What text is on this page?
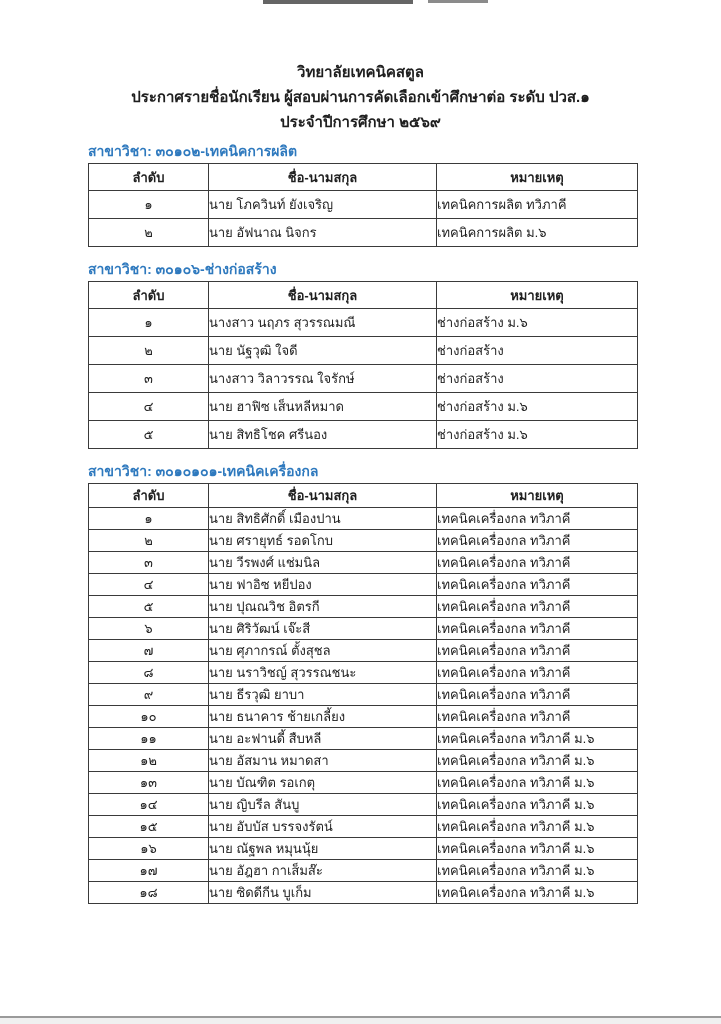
วิทยาลัยเทคนิคสตูล
ประกาศรายชื่อนักเรียน ผู้สอบผ่านการคัดเลือกเข้าศึกษาต่อ ระดับ ปวส.๑
ประจำปีการศึกษา ๒๕๖๙
สาขาวิชา: ๓๐๑๐๒-เทคนิคการผลิต
ลำดับ	ชื่อ-นามสกุล	หมายเหตุ
๑	นาย โภควินท์ ยังเจริญ	เทคนิคการผลิต ทวิภาคี
๒	นาย อัฟนาณ นิจกร	เทคนิคการผลิต ม.๖
สาขาวิชา: ๓๐๑๐๖-ช่างก่อสร้าง
ลำดับ	ชื่อ-นามสกุล	หมายเหตุ
๑	นางสาว นฤภร สุวรรณมณี	ช่างก่อสร้าง ม.๖
๒	นาย นัฐวุฒิ ใจดี	ช่างก่อสร้าง
๓	นางสาว วิลาวรรณ ใจรักษ์	ช่างก่อสร้าง
๔	นาย ฮาฟิซ เส็นหลีหมาด	ช่างก่อสร้าง ม.๖
๕	นาย สิทธิโชค ศรีนอง	ช่างก่อสร้าง ม.๖
สาขาวิชา: ๓๐๑๐๑๐๑-เทคนิคเครื่องกล
ลำดับ	ชื่อ-นามสกุล	หมายเหตุ
๑	นาย สิทธิศักดิ์ เมืองปาน	เทคนิคเครื่องกล ทวิภาคี
๒	นาย ศรายุทธ์ รอดโกบ	เทคนิคเครื่องกล ทวิภาคี
๓	นาย วีรพงศ์ แช่มนิล	เทคนิคเครื่องกล ทวิภาคี
๔	นาย ฟาอิซ หยีปอง	เทคนิคเครื่องกล ทวิภาคี
๕	นาย ปุณณวิช อิตรกี	เทคนิคเครื่องกล ทวิภาคี
๖	นาย ศิริวัฒน์ เจ๊ะสี	เทคนิคเครื่องกล ทวิภาคี
๗	นาย ศุภากรณ์ ตั้งสุชล	เทคนิคเครื่องกล ทวิภาคี
๘	นาย นราวิชญ์ สุวรรณชนะ	เทคนิคเครื่องกล ทวิภาคี
๙	นาย ธีรวุฒิ ยาบา	เทคนิคเครื่องกล ทวิภาคี
๑๐	นาย ธนาคาร ช้ายเกลี้ยง	เทคนิคเครื่องกล ทวิภาคี
๑๑	นาย อะฟานดี้ สืบหลี	เทคนิคเครื่องกล ทวิภาคี ม.๖
๑๒	นาย อัสมาน หมาดสา	เทคนิคเครื่องกล ทวิภาคี ม.๖
๑๓	นาย บัณฑิต รอเกตุ	เทคนิคเครื่องกล ทวิภาคี ม.๖
๑๔	นาย ญิบรีล สันบู	เทคนิคเครื่องกล ทวิภาคี ม.๖
๑๕	นาย อับบัส บรรจงรัตน์	เทคนิคเครื่องกล ทวิภาคี ม.๖
๑๖	นาย ณัฐพล หมุนนุ้ย	เทคนิคเครื่องกล ทวิภาคี ม.๖
๑๗	นาย อัฎฮา กาเส็มส๊ะ	เทคนิคเครื่องกล ทวิภาคี ม.๖
๑๘	นาย ซิดดีกีน บูเก็ม	เทคนิคเครื่องกล ทวิภาคี ม.๖
